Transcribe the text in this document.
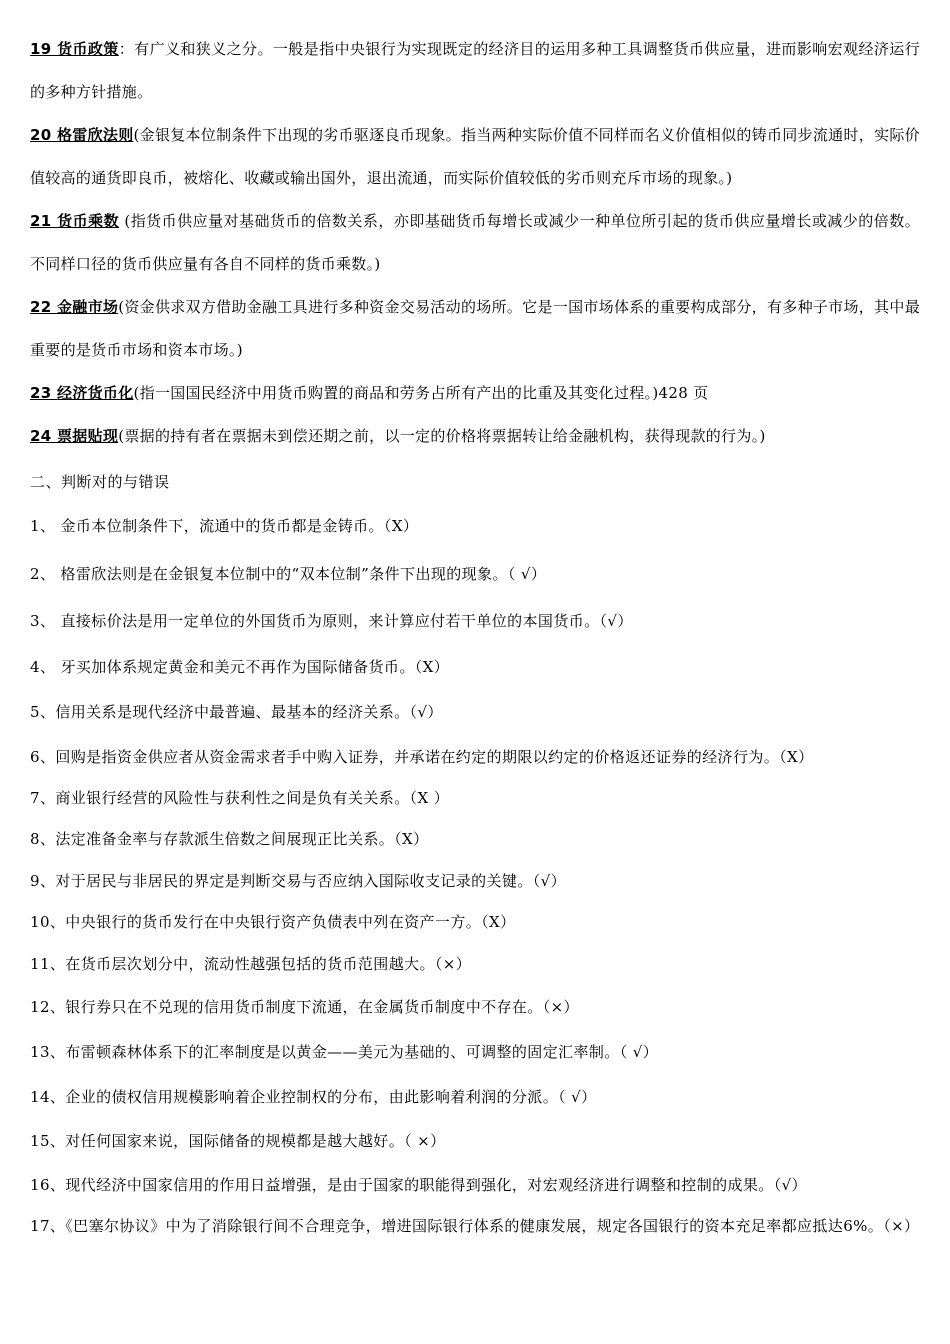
19 货币政策：有广义和狭义之分。一般是指中央银行为实现既定的经济目的运用多种工具调整货币供应量，进而影响宏观经济运行的多种方针措施。

20 格雷欣法则(金银复本位制条件下出现的劣币驱逐良币现象。指当两种实际价值不同样而名义价值相似的铸币同步流通时，实际价值较高的通货即良币，被熔化、收藏或输出国外，退出流通，而实际价值较低的劣币则充斥市场的现象。)

21 货币乘数 (指货币供应量对基础货币的倍数关系，亦即基础货币每增长或减少一种单位所引起的货币供应量增长或减少的倍数。不同样口径的货币供应量有各自不同样的货币乘数。)

22 金融市场(资金供求双方借助金融工具进行多种资金交易活动的场所。它是一国市场体系的重要构成部分，有多种子市场，其中最重要的是货币市场和资本市场。)

23 经济货币化(指一国国民经济中用货币购置的商品和劳务占所有产出的比重及其变化过程。)428 页

24 票据贴现(票据的持有者在票据未到偿还期之前，以一定的价格将票据转让给金融机构，获得现款的行为。)

二、判断对的与错误
1、 金币本位制条件下，流通中的货币都是金铸币。（X）
2、 格雷欣法则是在金银复本位制中的“双本位制”条件下出现的现象。（ √）
3、 直接标价法是用一定单位的外国货币为原则，来计算应付若干单位的本国货币。（√）
4、 牙买加体系规定黄金和美元不再作为国际储备货币。（X）
5、信用关系是现代经济中最普遍、最基本的经济关系。（√）
6、回购是指资金供应者从资金需求者手中购入证券，并承诺在约定的期限以约定的价格返还证券的经济行为。（X）
7、商业银行经营的风险性与获利性之间是负有关关系。（X ）
8、法定准备金率与存款派生倍数之间展现正比关系。（X）
9、对于居民与非居民的界定是判断交易与否应纳入国际收支记录的关键。（√）
10、中央银行的货币发行在中央银行资产负债表中列在资产一方。（X）
11、在货币层次划分中，流动性越强包括的货币范围越大。（×）
12、银行券只在不兑现的信用货币制度下流通，在金属货币制度中不存在。（×）
13、布雷顿森林体系下的汇率制度是以黄金——美元为基础的、可调整的固定汇率制。（ √）
14、企业的债权信用规模影响着企业控制权的分布，由此影响着利润的分派。（ √）
15、对任何国家来说，国际储备的规模都是越大越好。（ ×）
16、现代经济中国家信用的作用日益增强，是由于国家的职能得到强化，对宏观经济进行调整和控制的成果。（√）
17、《巴塞尔协议》中为了消除银行间不合理竞争，增进国际银行体系的健康发展，规定各国银行的资本充足率都应抵达6%。（×）
